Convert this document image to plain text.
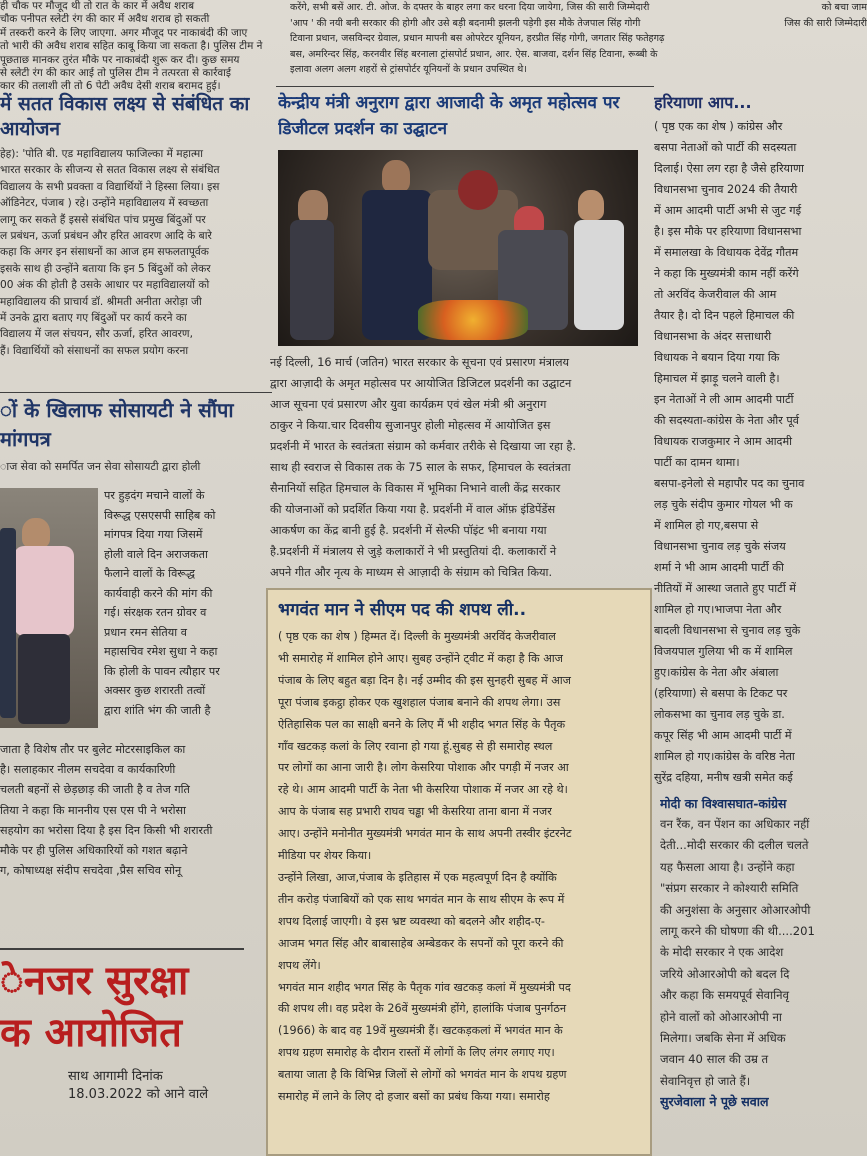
ही चौक पर मौजूद थी तो रात के कार में अवैध शराब
चौक पनीपत स्लेटी रंग की कार में अवैध शराब हो सकती
में तस्करी करने के लिए जाएगा. अगर मौजूद पर नाकाबंदी की जाए
तो भारी की अवैध शराब सहित काबू किया जा सकता है। पुलिस टीम ने
पूछताछ मानकर तुरंत मौके पर नाकाबंदी शुरू कर दी। कुछ समय
से स्लेटी रंग की कार आई तो पुलिस टीम ने तत्परता से कार्रवाई
कार की तलाशी ली तो 6 पेटी अवैध देसी शराब बरामद हुई।
में सतत विकास लक्ष्य से संबंधित का आयोजन
हेह): 'पोति बी. एड महाविद्यालय फाजिल्का में महात्मा
भारत सरकार के सीजन्य से सतत विकास लक्ष्य से संबंधित
विद्यालय के सभी प्रवक्ता व विद्यार्थियों ने हिस्सा लिया। इस
ऑडिनेटर, पंजाब ) रहे। उन्होंने महाविद्यालय में स्वच्छता
लागू कर सकते हैं इससे संबंधित पांच प्रमुख बिंदुओं पर
ल प्रबंधन, ऊर्जा प्रबंधन और हरित आवरण आदि के बारे
कहा कि अगर इन संसाधनों का आज हम सफलतापूर्वक
इसके साथ ही उन्होंने बताया कि इन 5 बिंदुओं को लेकर
00 अंक की होती है उसके आधार पर महाविद्यालयों को
महाविद्यालय की प्राचार्य डॉ. श्रीमती अनीता अरोड़ा जी
में उनके द्वारा बताए गए बिंदुओं पर कार्य करने का
विद्यालय में जल संचयन, सौर ऊर्जा, हरित आवरण,
हैं। विद्यार्थियों को संसाधनों का सफल प्रयोग करना
ों के खिलाफ सोसायटी ने सौंपा मांगपत्र
ाज सेवा को समर्पित जन सेवा सोसायटी द्वारा होली
पर हुड़दंग मचाने वालों के
विरूद्ध एसएसपी साहिब को
मांगपत्र दिया गया जिसमें
होली वाले दिन अराजकता
फैलाने वालों के विरूद्ध
कार्यवाही करने की मांग की
गई। संरक्षक रतन ग्रोवर व
प्रधान रमन सेतिया व
महासचिव रमेश सुधा ने कहा
कि होली के पावन त्यौहार पर
अक्सर कुछ शरारती तत्वों
द्वारा शांति भंग की जाती है
जाता है विशेष तौर पर बुलेट मोटरसाइकिल का
है। सलाहकार नीलम सचदेवा व कार्यकारिणी
चलती बहनों से छेड़छाड़ की जाती है व तेज गति
तिया ने कहा कि माननीय एस एस पी ने भरोसा
सहयोग का भरोसा दिया है इस दिन किसी भी शरारती
मौके पर ही पुलिस अधिकारियों को गशत बढ़ाने
ग, कोषाध्यक्ष संदीप सचदेवा ,प्रैस सचिव सोनू
ेनजर सुरक्षा
क आयोजित
साथ आगामी दिनांक
18.03.2022 को आने वाले
करेंगे, सभी बसें आर. टी. ओज. के दफ्तर के बाहर लगा कर धरना दिया जायेगा, जिस की सारी जिम्मेदारी
'आप ' की नयी बनी सरकार की होगी और उसे बड़ी बदनामी झलनी पड़ेगी इस मौके तेजपाल सिंह गोगी
टिवाना प्रधान, जसविन्दर ग्रेवाल, प्रधान मापनी बस ओपरेटर यूनियन, हरप्रीत सिंह गोगी, जगतार सिंह फतेहगढ़
बस, अमरिन्दर सिंह, करनवीर सिंह बरनाला ट्रांसपोर्ट प्रधान, आर. ऐस. बाजवा, दर्शन सिंह टिवाना, रूब्बी के
इलावा अलग अलग शहरों से ट्रांसपोर्टर यूनियनों के प्रधान उपस्थित थे।
केन्द्रीय मंत्री अनुराग द्वारा आजादी के अमृत महोत्सव पर डिजीटल प्रदर्शन का उद्घाटन
नई दिल्ली, 16 मार्च (जतिन) भारत सरकार के सूचना एवं प्रसारण मंत्रालय
द्वारा आज़ादी के अमृत महोत्सव पर आयोजित डिजिटल प्रदर्शनी का उद्घाटन
आज सूचना एवं प्रसारण और युवा कार्यक्रम एवं खेल मंत्री श्री अनुराग
ठाकुर ने किया.चार दिवसीय सुजानपुर होली मोहत्सव में आयोजित इस
प्रदर्शनी में भारत के स्वतंत्रता संग्राम को कर्मवार तरीके से दिखाया जा रहा है.
साथ ही स्वराज से विकास तक के 75 साल के सफर, हिमाचल के स्वतंत्रता
सैनानियों सहित हिमचाल के विकास में भूमिका निभाने वाली केंद्र सरकार
की योजनाओं को प्रदर्शित किया गया है. प्रदर्शनी में वाल ऑफ़ इंडिपेंडेंस
आकर्षण का केंद्र बानी हुई है. प्रदर्शनी में सेल्फी पॉइंट भी बनाया गया
है.प्रदर्शनी में मंत्रालय से जुड़े कलाकारों ने भी प्रस्तुतियां दी. कलाकारों ने
अपने गीत और नृत्य के माध्यम से आज़ादी के संग्राम को चित्रित किया.
भगवंत मान ने सीएम पद की शपथ ली..
( पृष्ठ एक का शेष ) हिम्मत दें। दिल्ली के मुख्यमंत्री अरविंद केजरीवाल
भी समारोह में शामिल होने आए। सुबह उन्होंने ट्वीट में कहा है कि आज
पंजाब के लिए बहुत बड़ा दिन है। नई उम्मीद की इस सुनहरी सुबह में आज
पूरा पंजाब इकट्ठा होकर एक खुशहाल पंजाब बनाने की शपथ लेगा। उस
ऐतिहासिक पल का साक्षी बनने के लिए मैं भी शहीद भगत सिंह के पैतृक
गाँव खटकड़ कलां के लिए रवाना हो गया हूं.सुबह से ही समारोह स्थल
पर लोगों का आना जारी है। लोग केसरिया पोशाक और पगड़ी में नजर आ
रहे थे। आम आदमी पार्टी के नेता भी केसरिया पोशाक में नजर आ रहे थे।
आप के पंजाब सह प्रभारी राघव चड्ढा भी केसरिया ताना बाना में नजर
आए। उन्होंने मनोनीत मुख्यमंत्री भगवंत मान के साथ अपनी तस्वीर इंटरनेट
मीडिया पर शेयर किया।
उन्होंने लिखा, आज,पंजाब के इतिहास में एक महत्वपूर्ण दिन है क्योंकि
तीन करोड़ पंजाबियों को एक साथ भगवंत मान के साथ सीएम के रूप में
शपथ दिलाई जाएगी। वे इस भ्रष्ट व्यवस्था को बदलने और शहीद-ए-
आजम भगत सिंह और बाबासाहेब अम्बेडकर के सपनों को पूरा करने की
शपथ लेंगे।
भगवंत मान शहीद भगत सिंह के पैतृक गांव खटकड़ कलां में मुख्यमंत्री पद
की शपथ ली। वह प्रदेश के 26वें मुख्यमंत्री होंगे, हालांकि पंजाब पुनर्गठन
(1966) के बाद वह 19वें मुख्यमंत्री हैं। खटकड़कलां में भगवंत मान के
शपथ ग्रहण समारोह के दौरान रास्तों में लोगों के लिए लंगर लगाए गए।
बताया जाता है कि विभिन्न जिलों से लोगों को भगवंत मान के शपथ ग्रहण
समारोह में लाने के लिए दो हजार बसों का प्रबंध किया गया। समारोह
को बचा जाम
जिस की सारी जिम्मेदारी
हरियाणा आप...
( पृष्ठ एक का शेष ) कांग्रेस और
बसपा नेताओं को पार्टी की सदस्यता
दिलाई। ऐसा लग रहा है जैसे हरियाणा
विधानसभा चुनाव 2024 की तैयारी
में आम आदमी पार्टी अभी से जुट गई
है। इस मौके पर हरियाणा विधानसभा
में समालखा के विधायक देवेंद्र गौतम
ने कहा कि मुख्यमंत्री काम नहीं करेंगे
तो अरविंद केजरीवाल की आम
तैयार है। दो दिन पहले हिमाचल की
विधानसभा के अंदर सत्ताधारी
विधायक ने बयान दिया गया कि
हिमाचल में झाड़ू चलने वाली है।
इन नेताओं ने ली आम आदमी पार्टी
की सदस्यता-कांग्रेस के नेता और पूर्व
विधायक राजकुमार ने आम आदमी
पार्टी का दामन थामा।
बसपा-इनेलो से महापौर पद का चुनाव
लड़ चुके संदीप कुमार गोयल भी क
में शामिल हो गए,बसपा से
विधानसभा चुनाव लड़ चुके संजय
शर्मा ने भी आम आदमी पार्टी की
नीतियों में आस्था जताते हुए पार्टी में
शामिल हो गए।भाजपा नेता और
बादली विधानसभा से चुनाव लड़ चुके
विजयपाल गुलिया भी क में शामिल
हुए।कांग्रेस के नेता और अंबाला
(हरियाणा) से बसपा के टिकट पर
लोकसभा का चुनाव लड़ चुके डा.
कपूर सिंह भी आम आदमी पार्टी में
शामिल हो गए।कांग्रेस के वरिष्ठ नेता
सुरेंद्र दहिया, मनीष खत्री समेत कई
मोदी का विश्वासघात-कांग्रेस
वन रैंक, वन पेंशन का अधिकार नहीं
देती...मोदी सरकार की दलील चलते
यह फैसला आया है। उन्होंने कहा
"संप्रग सरकार ने कोश्यारी समिति
की अनुशंसा के अनुसार ओआरओपी
लागू करने की घोषणा की थी....201
के मोदी सरकार ने एक आदेश
जरिये ओआरओपी को बदल दि
और कहा कि समयपूर्व सेवानिवृ
होने वालों को ओआरओपी ना
मिलेगा। जबकि सेना में अधिक
जवान 40 साल की उम्र त
सेवानिवृत्त हो जाते हैं।
सुरजेवाला ने पूछे सवाल
